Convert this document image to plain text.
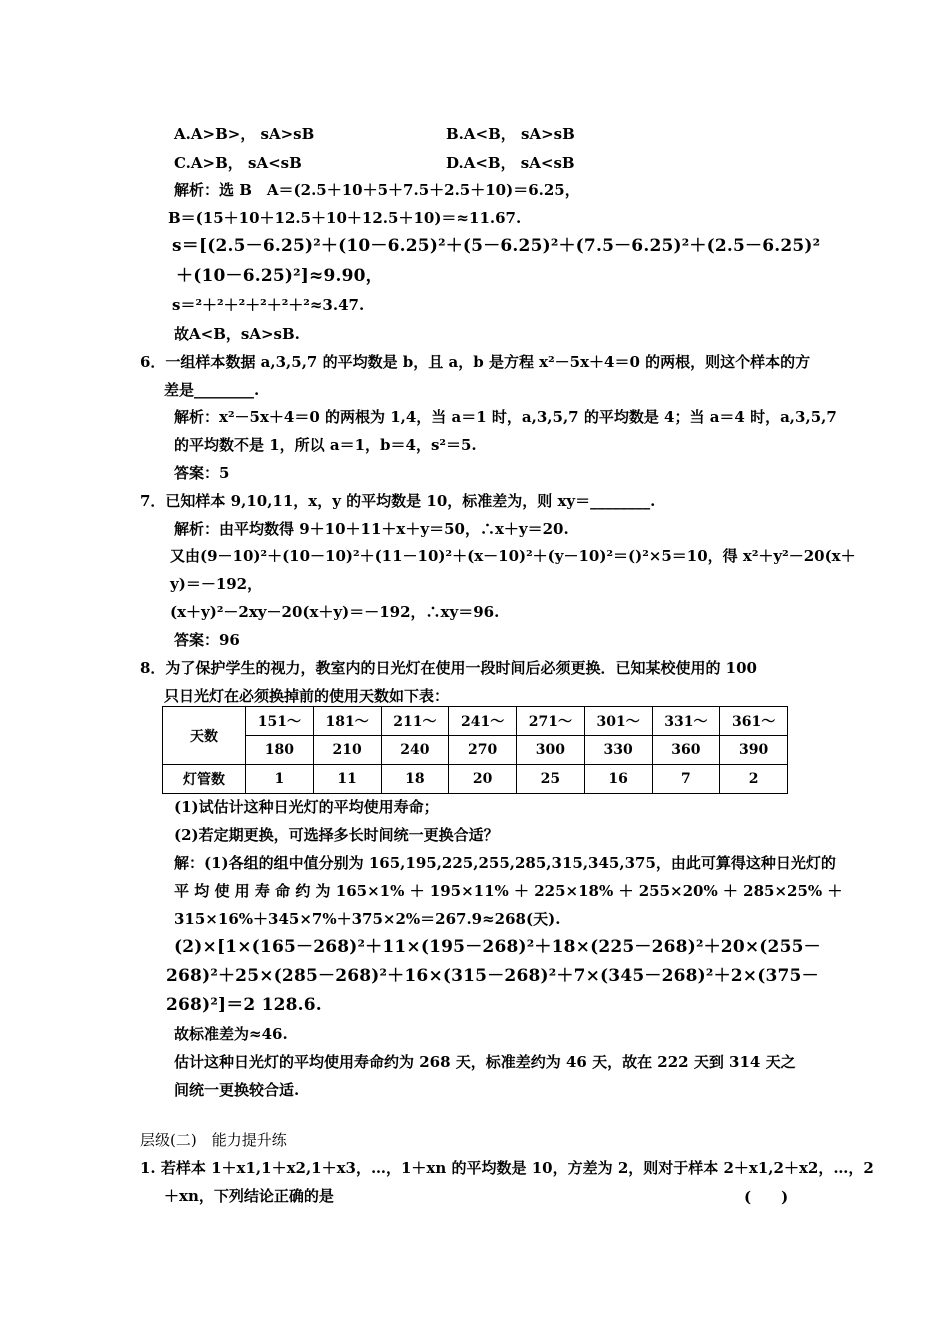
A.A>B>， sA>sB	B.A<B， sA>sB
C.A>B， sA<sB	D.A<B， sA<sB
解析：选 B　A＝(2.5＋10＋5＋7.5＋2.5＋10)＝6.25，
B＝(15＋10＋12.5＋10＋12.5＋10)＝≈11.67.
s＝[(2.5－6.25)²＋(10－6.25)²＋(5－6.25)²＋(7.5－6.25)²＋(2.5－6.25)²
＋(10－6.25)²]≈9.90，
s＝²＋²＋²＋²＋²＋²≈3.47.
故A<B，sA>sB.
6．一组样本数据 a,3,5,7 的平均数是 b，且 a，b 是方程 x²－5x＋4＝0 的两根，则这个样本的方
差是________.
解析：x²－5x＋4＝0 的两根为 1,4，当 a＝1 时，a,3,5,7 的平均数是 4；当 a＝4 时，a,3,5,7
的平均数不是 1，所以 a＝1，b＝4，s²＝5.
答案：5
7．已知样本 9,10,11，x，y 的平均数是 10，标准差为，则 xy＝________.
解析：由平均数得 9＋10＋11＋x＋y＝50，∴x＋y＝20.
又由(9－10)²＋(10－10)²＋(11－10)²＋(x－10)²＋(y－10)²＝()²×5＝10，得 x²＋y²－20(x＋
y)＝－192，
(x＋y)²－2xy－20(x＋y)＝－192，∴xy＝96.
答案：96
8．为了保护学生的视力，教室内的日光灯在使用一段时间后必须更换．已知某校使用的 100
只日光灯在必须换掉前的使用天数如下表：
天数	151～	181～	211～	241～	271～	301～	331～	361～
	180	210	240	270	300	330	360	390
灯管数	1	11	18	20	25	16	7	2
(1)试估计这种日光灯的平均使用寿命；
(2)若定期更换，可选择多长时间统一更换合适？
解：(1)各组的组中值分别为 165,195,225,255,285,315,345,375，由此可算得这种日光灯的
平 均 使 用 寿 命 约 为 165×1% ＋ 195×11% ＋ 225×18% ＋ 255×20% ＋ 285×25% ＋
315×16%＋345×7%＋375×2%＝267.9≈268(天).
(2)×[1×(165－268)²＋11×(195－268)²＋18×(225－268)²＋20×(255－
268)²＋25×(285－268)²＋16×(315－268)²＋7×(345－268)²＋2×(375－
268)²]＝2 128.6.
故标准差为≈46.
估计这种日光灯的平均使用寿命约为 268 天，标准差约为 46 天，故在 222 天到 314 天之
间统一更换较合适.
层级(二)　能力提升练
1. 若样本 1＋x1,1＋x2,1＋x3，…，1＋xn 的平均数是 10，方差为 2，则对于样本 2＋x1,2＋x2，…，2
＋xn，下列结论正确的是	(　　)
